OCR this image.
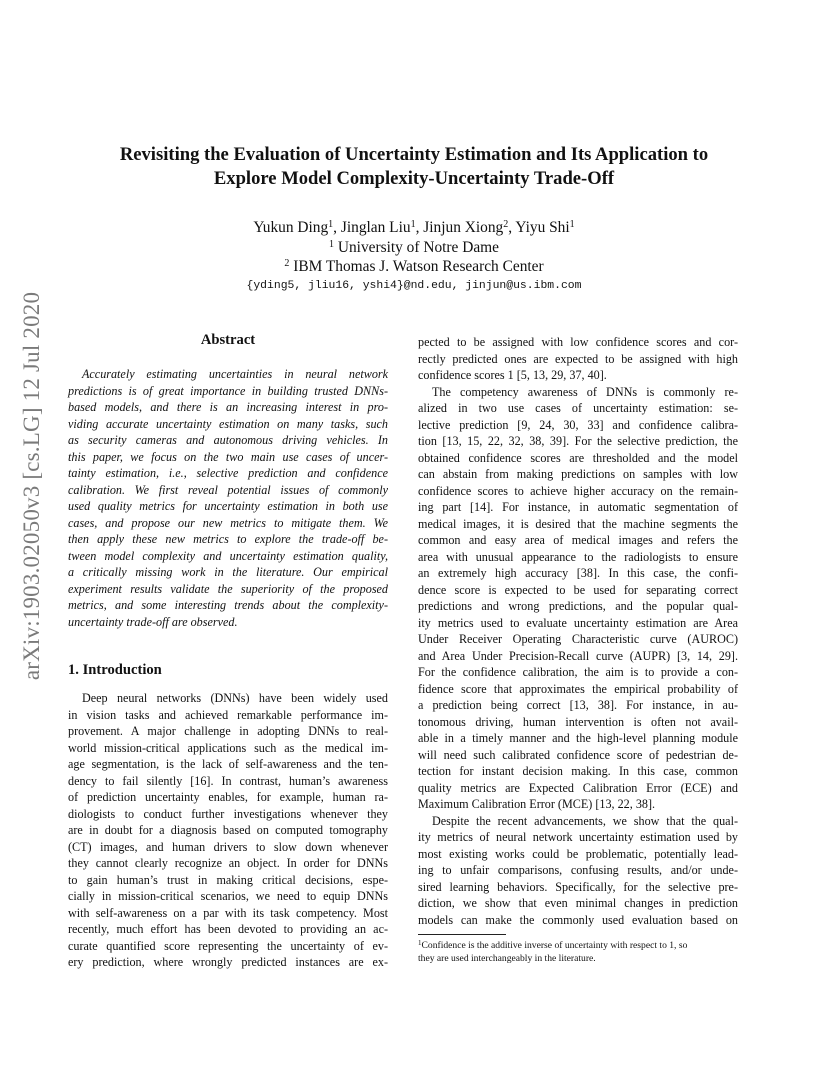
arXiv:1903.02050v3 [cs.LG] 12 Jul 2020
Revisiting the Evaluation of Uncertainty Estimation and Its Application to
Explore Model Complexity-Uncertainty Trade-Off
Yukun Ding$^1$, Jinglan Liu$^1$, Jinjun Xiong$^2$, Yiyu Shi$^1$
$^1$ University of Notre Dame
$^2$ IBM Thomas J. Watson Research Center
{yding5, jliu16, yshi4}@nd.edu, jinjun@us.ibm.com
Abstract
Accurately estimating uncertainties in neural network
predictions is of great importance in building trusted DNNs-
based models, and there is an increasing interest in pro-
viding accurate uncertainty estimation on many tasks, such
as security cameras and autonomous driving vehicles. In
this paper, we focus on the two main use cases of uncer-
tainty estimation, i.e., selective prediction and confidence
calibration. We first reveal potential issues of commonly
used quality metrics for uncertainty estimation in both use
cases, and propose our new metrics to mitigate them. We
then apply these new metrics to explore the trade-off be-
tween model complexity and uncertainty estimation quality,
a critically missing work in the literature. Our empirical
experiment results validate the superiority of the proposed
metrics, and some interesting trends about the complexity-
uncertainty trade-off are observed.
1. Introduction
Deep neural networks (DNNs) have been widely used
in vision tasks and achieved remarkable performance im-
provement. A major challenge in adopting DNNs to real-
world mission-critical applications such as the medical im-
age segmentation, is the lack of self-awareness and the ten-
dency to fail silently [16]. In contrast, human’s awareness
of prediction uncertainty enables, for example, human ra-
diologists to conduct further investigations whenever they
are in doubt for a diagnosis based on computed tomography
(CT) images, and human drivers to slow down whenever
they cannot clearly recognize an object. In order for DNNs
to gain human’s trust in making critical decisions, espe-
cially in mission-critical scenarios, we need to equip DNNs
with self-awareness on a par with its task competency. Most
recently, much effort has been devoted to providing an ac-
curate quantified score representing the uncertainty of ev-
ery prediction, where wrongly predicted instances are ex-
pected to be assigned with low confidence scores and cor-
rectly predicted ones are expected to be assigned with high
confidence scores 1 [5, 13, 29, 37, 40].
The competency awareness of DNNs is commonly re-
alized in two use cases of uncertainty estimation: se-
lective prediction [9, 24, 30, 33] and confidence calibra-
tion [13, 15, 22, 32, 38, 39]. For the selective prediction, the
obtained confidence scores are thresholded and the model
can abstain from making predictions on samples with low
confidence scores to achieve higher accuracy on the remain-
ing part [14]. For instance, in automatic segmentation of
medical images, it is desired that the machine segments the
common and easy area of medical images and refers the
area with unusual appearance to the radiologists to ensure
an extremely high accuracy [38]. In this case, the confi-
dence score is expected to be used for separating correct
predictions and wrong predictions, and the popular qual-
ity metrics used to evaluate uncertainty estimation are Area
Under Receiver Operating Characteristic curve (AUROC)
and Area Under Precision-Recall curve (AUPR) [3, 14, 29].
For the confidence calibration, the aim is to provide a con-
fidence score that approximates the empirical probability of
a prediction being correct [13, 38]. For instance, in au-
tonomous driving, human intervention is often not avail-
able in a timely manner and the high-level planning module
will need such calibrated confidence score of pedestrian de-
tection for instant decision making. In this case, common
quality metrics are Expected Calibration Error (ECE) and
Maximum Calibration Error (MCE) [13, 22, 38].
Despite the recent advancements, we show that the qual-
ity metrics of neural network uncertainty estimation used by
most existing works could be problematic, potentially lead-
ing to unfair comparisons, confusing results, and/or unde-
sired learning behaviors. Specifically, for the selective pre-
diction, we show that even minimal changes in prediction
models can make the commonly used evaluation based on
$^1$Confidence is the additive inverse of uncertainty with respect to 1, so
they are used interchangeably in the literature.
